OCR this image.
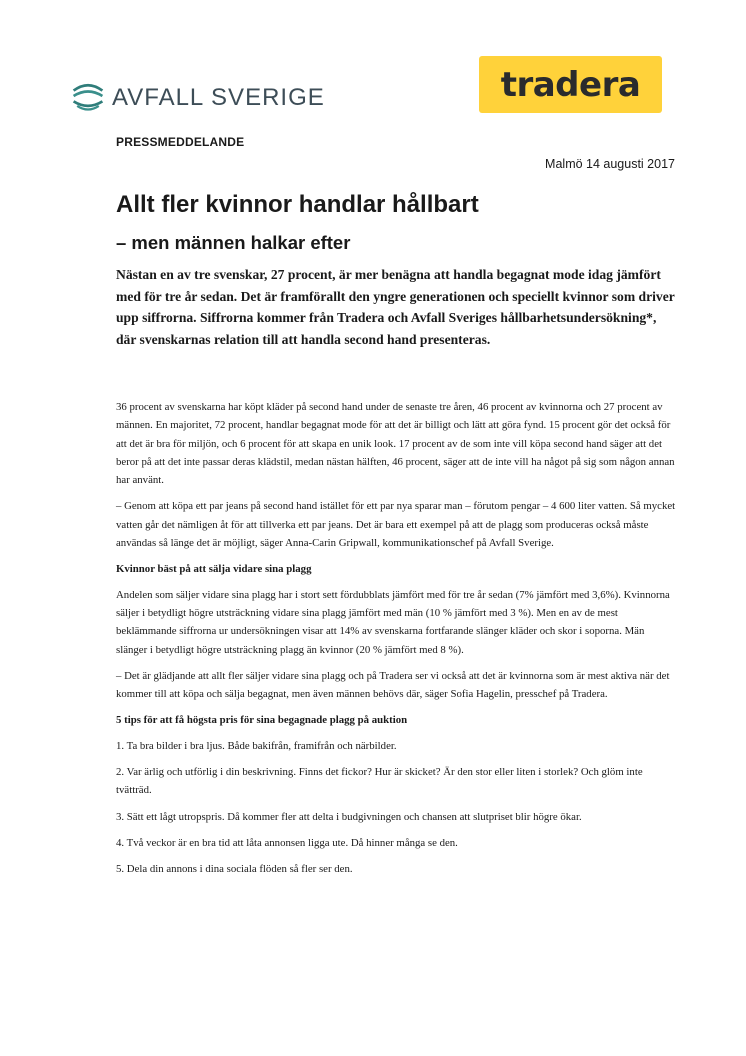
AVFALL SVERIGE	tradera
PRESSMEDDELANDE
Malmö 14 augusti 2017
Allt fler kvinnor handlar hållbart
– men männen halkar efter

Nästan en av tre svenskar, 27 procent, är mer benägna att handla begagnat mode idag jämfört med för tre år sedan. Det är framförallt den yngre generationen och speciellt kvinnor som driver upp siffrorna. Siffrorna kommer från Tradera och Avfall Sveriges hållbarhetsundersökning*, där svenskarnas relation till att handla second hand presenteras.

36 procent av svenskarna har köpt kläder på second hand under de senaste tre åren, 46 procent av kvinnorna och 27 procent av männen. En majoritet, 72 procent, handlar begagnat mode för att det är billigt och lätt att göra fynd. 15 procent gör det också för att det är bra för miljön, och 6 procent för att skapa en unik look. 17 procent av de som inte vill köpa second hand säger att det beror på att det inte passar deras klädstil, medan nästan hälften, 46 procent, säger att de inte vill ha något på sig som någon annan har använt.

– Genom att köpa ett par jeans på second hand istället för ett par nya sparar man – förutom pengar – 4 600 liter vatten. Så mycket vatten går det nämligen åt för att tillverka ett par jeans. Det är bara ett exempel på att de plagg som produceras också måste användas så länge det är möjligt, säger Anna-Carin Gripwall, kommunikationschef på Avfall Sverige.

Kvinnor bäst på att sälja vidare sina plagg

Andelen som säljer vidare sina plagg har i stort sett fördubblats jämfört med för tre år sedan (7% jämfört med 3,6%). Kvinnorna säljer i betydligt högre utsträckning vidare sina plagg jämfört med män (10 % jämfört med 3 %). Men en av de mest beklämmande siffrorna ur undersökningen visar att 14% av svenskarna fortfarande slänger kläder och skor i soporna. Män slänger i betydligt högre utsträckning plagg än kvinnor (20 % jämfört med 8 %).

– Det är glädjande att allt fler säljer vidare sina plagg och på Tradera ser vi också att det är kvinnorna som är mest aktiva när det kommer till att köpa och sälja begagnat, men även männen behövs där, säger Sofia Hagelin, presschef på Tradera.

5 tips för att få högsta pris för sina begagnade plagg på auktion

1. Ta bra bilder i bra ljus. Både bakifrån, framifrån och närbilder.

2. Var ärlig och utförlig i din beskrivning. Finns det fickor? Hur är skicket? Är den stor eller liten i storlek? Och glöm inte tvätträd.

3. Sätt ett lågt utropspris. Då kommer fler att delta i budgivningen och chansen att slutpriset blir högre ökar.

4. Två veckor är en bra tid att låta annonsen ligga ute. Då hinner många se den.

5. Dela din annons i dina sociala flöden så fler ser den.
